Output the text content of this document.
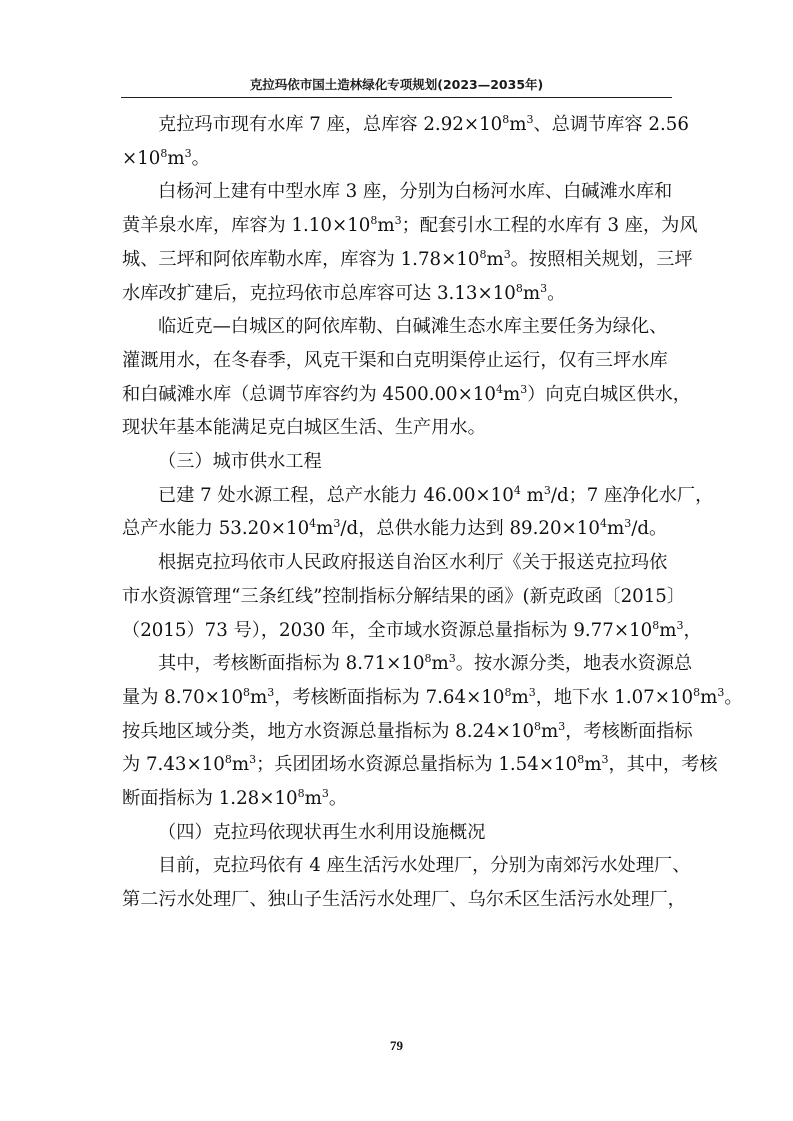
克拉玛依市国土造林绿化专项规划(2023—2035年)
克拉玛市现有水库 7 座，总库容 $2.92\times 10^8m^3$、总调节库容 2.56
$\times 10^8m^3$。
白杨河上建有中型水库 3 座，分别为白杨河水库、白碱滩水库和
黄羊泉水库，库容为 $1.10\times 10^8m^3$；配套引水工程的水库有 3 座，为风
城、三坪和阿依库勒水库，库容为 $1.78\times 10^8m^3$。按照相关规划，三坪
水库改扩建后，克拉玛依市总库容可达 $3.13\times 10^8m^3$。
临近克—白城区的阿依库勒、白碱滩生态水库主要任务为绿化、
灌溉用水，在冬春季，风克干渠和白克明渠停止运行，仅有三坪水库
和白碱滩水库（总调节库容约为 $4500.00\times 10^4m^3$）向克白城区供水，
现状年基本能满足克白城区生活、生产用水。
（三）城市供水工程
已建 7 处水源工程，总产水能力 $46.00\times 10^4$ $m^3/d$；7 座净化水厂，
总产水能力 $53.20\times 10^4m^3/d$，总供水能力达到 $89.20\times 10^4m^3/d$。
根据克拉玛依市人民政府报送自治区水利厅《关于报送克拉玛依
市水资源管理“三条红线”控制指标分解结果的函》(新克政函〔2015〕
（2015）73 号），2030 年，全市域水资源总量指标为 $9.77\times 10^8m^3$，
其中，考核断面指标为 $8.71\times 10^8m^3$。按水源分类，地表水资源总
量为 $8.70\times 10^8m^3$，考核断面指标为 $7.64\times 10^8m^3$，地下水 $1.07\times 10^8m^3$。
按兵地区域分类，地方水资源总量指标为 $8.24\times 10^8m^3$，考核断面指标
为 $7.43\times 10^8m^3$；兵团团场水资源总量指标为 $1.54\times 10^8m^3$，其中，考核
断面指标为 $1.28\times 10^8m^3$。
（四）克拉玛依现状再生水利用设施概况
目前，克拉玛依有 4 座生活污水处理厂，分别为南郊污水处理厂、
第二污水处理厂、独山子生活污水处理厂、乌尔禾区生活污水处理厂，
79
